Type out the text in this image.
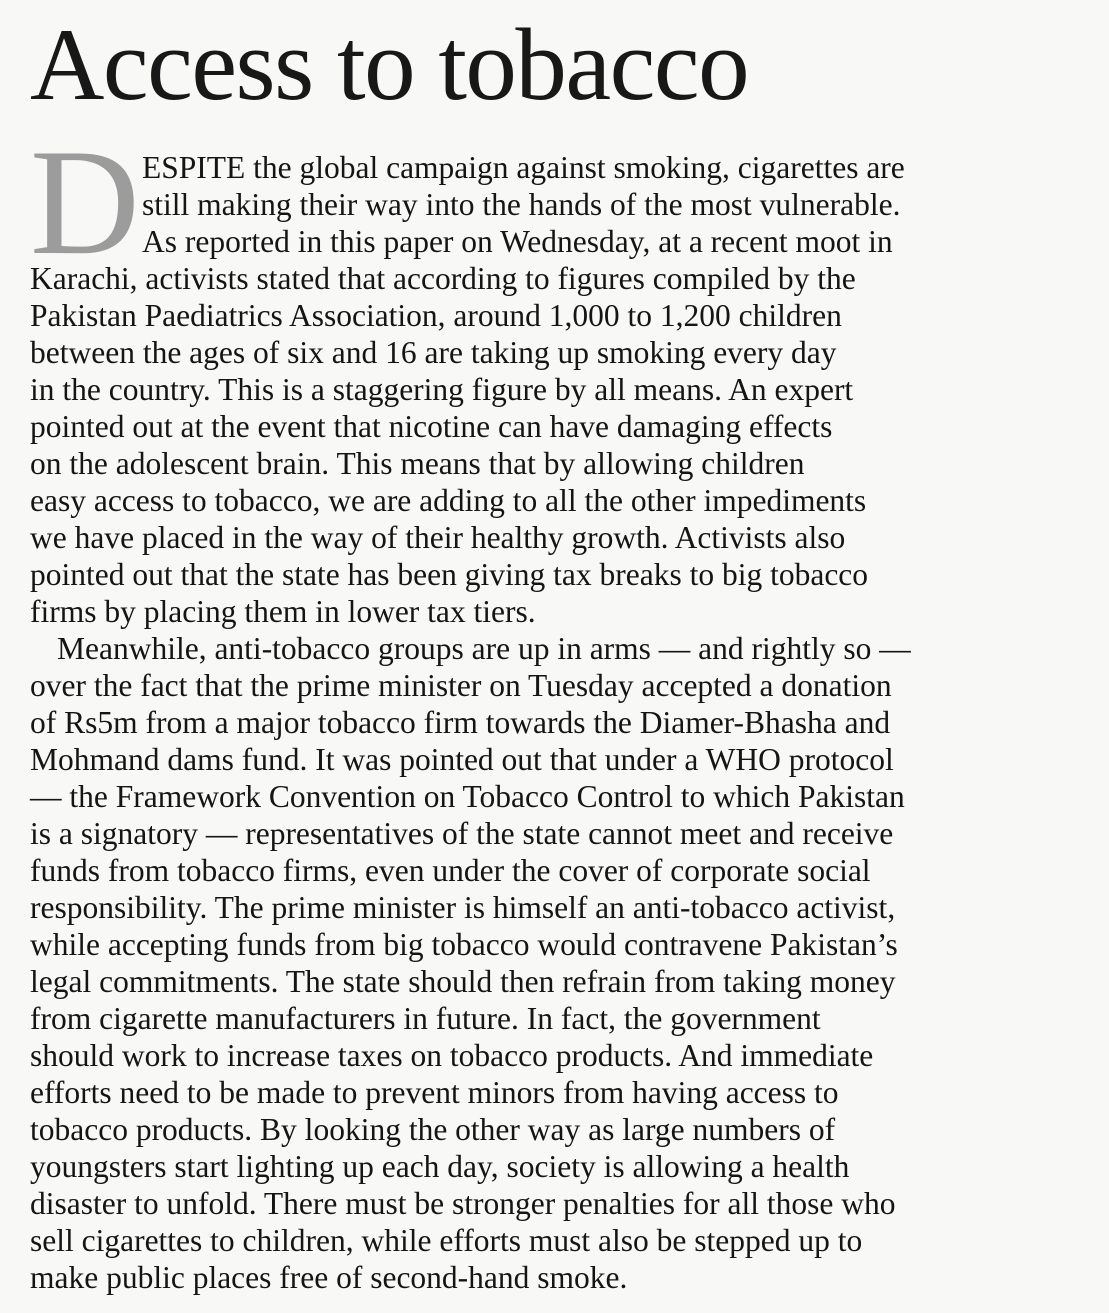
Access to tobacco
D ESPITE the global campaign against smoking, cigarettes are
still making their way into the hands of the most vulnerable.
As reported in this paper on Wednesday, at a recent moot in
Karachi, activists stated that according to figures compiled by the
Pakistan Paediatrics Association, around 1,000 to 1,200 children
between the ages of six and 16 are taking up smoking every day
in the country. This is a staggering figure by all means. An expert
pointed out at the event that nicotine can have damaging effects
on the adolescent brain. This means that by allowing children
easy access to tobacco, we are adding to all the other impediments
we have placed in the way of their healthy growth. Activists also
pointed out that the state has been giving tax breaks to big tobacco
firms by placing them in lower tax tiers.
Meanwhile, anti-tobacco groups are up in arms — and rightly so —
over the fact that the prime minister on Tuesday accepted a donation
of Rs5m from a major tobacco firm towards the Diamer-Bhasha and
Mohmand dams fund. It was pointed out that under a WHO protocol
— the Framework Convention on Tobacco Control to which Pakistan
is a signatory — representatives of the state cannot meet and receive
funds from tobacco firms, even under the cover of corporate social
responsibility. The prime minister is himself an anti-tobacco activist,
while accepting funds from big tobacco would contravene Pakistan’s
legal commitments. The state should then refrain from taking money
from cigarette manufacturers in future. In fact, the government
should work to increase taxes on tobacco products. And immediate
efforts need to be made to prevent minors from having access to
tobacco products. By looking the other way as large numbers of
youngsters start lighting up each day, society is allowing a health
disaster to unfold. There must be stronger penalties for all those who
sell cigarettes to children, while efforts must also be stepped up to
make public places free of second-hand smoke.
